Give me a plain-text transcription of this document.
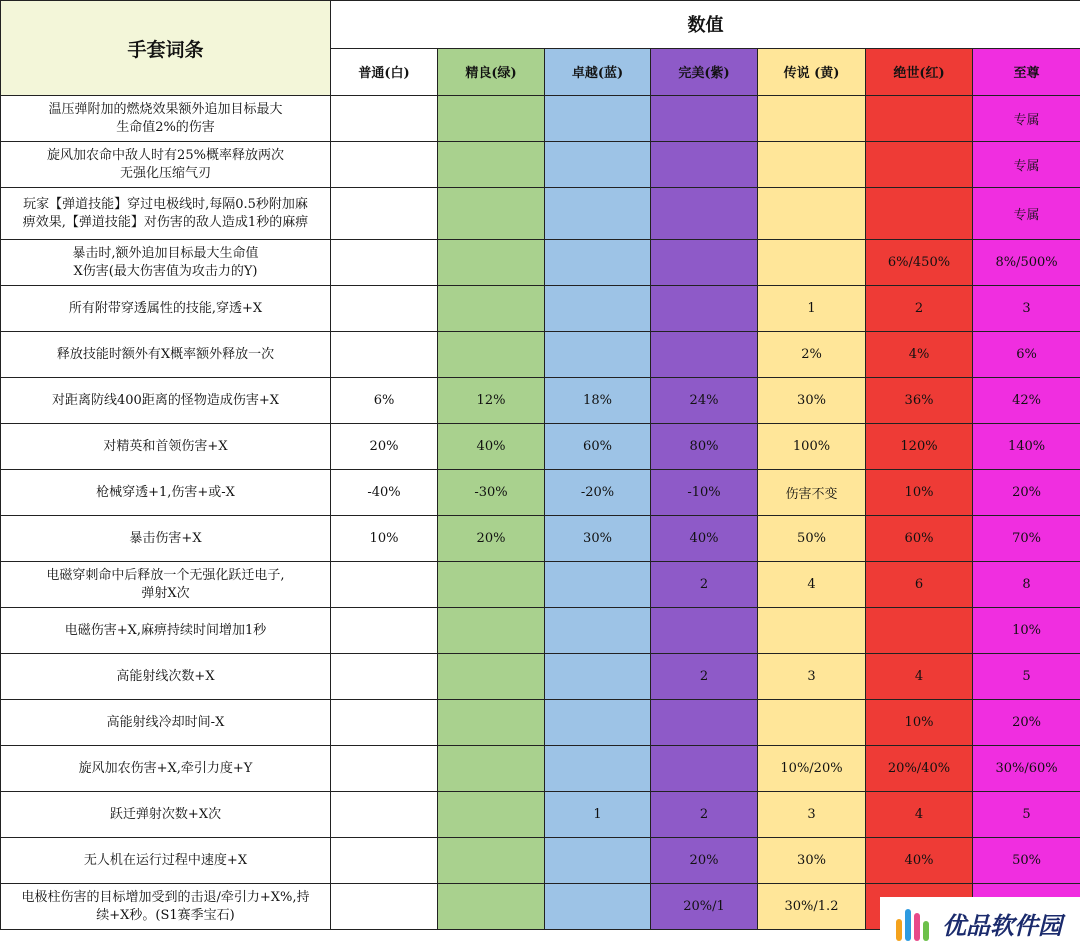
手套词条	数值						
	普通(白)	精良(绿)	卓越(蓝)	完美(紫)	传说 (黄)	绝世(红)	至尊

温压弹附加的燃烧效果额外追加目标最大
生命值2%的伤害							专属

旋风加农命中敌人时有25%概率释放两次
无强化压缩气刃							专属

玩家【弹道技能】穿过电极线时,每隔0.5秒附加麻
痹效果,【弹道技能】对伤害的敌人造成1秒的麻痹							专属

暴击时,额外追加目标最大生命值
X伤害(最大伤害值为攻击力的Y)						6%/450%	8%/500%

所有附带穿透属性的技能,穿透+X					1	2	3

释放技能时额外有X概率额外释放一次					2%	4%	6%

对距离防线400距离的怪物造成伤害+X	6%	12%	18%	24%	30%	36%	42%

对精英和首领伤害+X	20%	40%	60%	80%	100%	120%	140%

枪械穿透+1,伤害+或-X	-40%	-30%	-20%	-10%	伤害不变	10%	20%

暴击伤害+X	10%	20%	30%	40%	50%	60%	70%

电磁穿刺命中后释放一个无强化跃迁电子,
弹射X次				2	4	6	8

电磁伤害+X,麻痹持续时间增加1秒							10%

高能射线次数+X				2	3	4	5

高能射线冷却时间-X						10%	20%

旋风加农伤害+X,牵引力度+Y					10%/20%	20%/40%	30%/60%

跃迁弹射次数+X次			1	2	3	4	5

无人机在运行过程中速度+X				20%	30%	40%	50%

电极柱伤害的目标增加受到的击退/牵引力+X%,持
续+X秒。(S1赛季宝石)				20%/1	30%/1.2		
优品软件园
